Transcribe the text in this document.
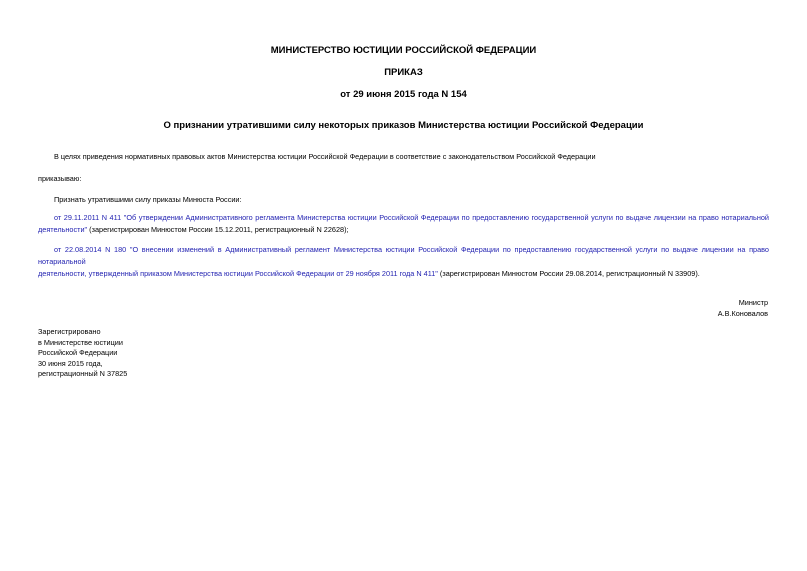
МИНИСТЕРСТВО ЮСТИЦИИ РОССИЙСКОЙ ФЕДЕРАЦИИ
ПРИКАЗ
от 29 июня 2015 года N 154
О признании утратившими силу некоторых приказов Министерства юстиции Российской Федерации
В целях приведения нормативных правовых актов Министерства юстиции Российской Федерации в соответствие с законодательством Российской Федерации
приказываю:
Признать утратившими силу приказы Минюста России:
от 29.11.2011 N 411 "Об утверждении Административного регламента Министерства юстиции Российской Федерации по предоставлению государственной услуги по выдаче лицензии на право нотариальной
деятельности" (зарегистрирован Минюстом России 15.12.2011, регистрационный N 22628);
от 22.08.2014 N 180 "О внесении изменений в Административный регламент Министерства юстиции Российской Федерации по предоставлению государственной услуги по выдаче лицензии на право нотариальной
деятельности, утвержденный приказом Министерства юстиции Российской Федерации от 29 ноября 2011 года N 411" (зарегистрирован Минюстом России 29.08.2014, регистрационный N 33909).
Министр
А.В.Коновалов
Зарегистрировано
в Министерстве юстиции
Российской Федерации
30 июня 2015 года,
регистрационный N 37825
